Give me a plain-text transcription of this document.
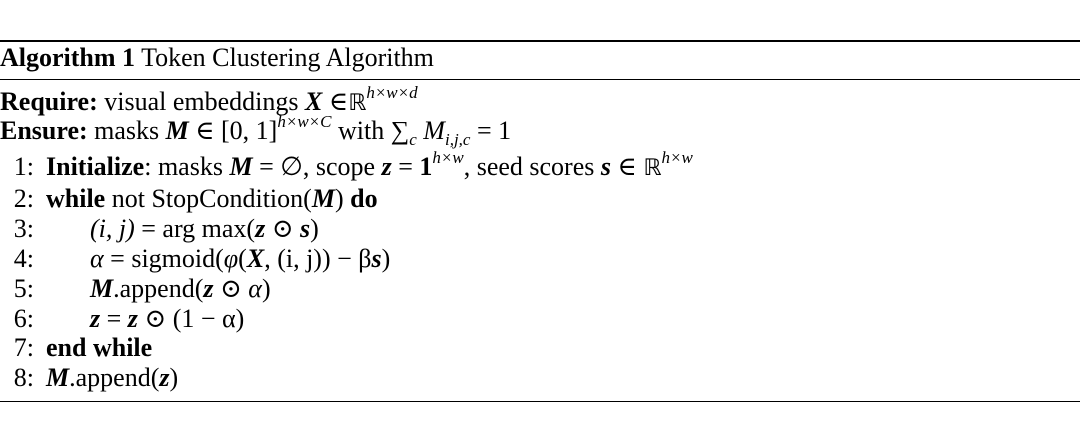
Algorithm 1 Token Clustering Algorithm
Require: visual embeddings X ∈ℝ$^{h\times w\times d}$
Ensure: masks M ∈ [0, 1]$^{h\times w\times C}$ with $\sum_c$ $M_{i,j,c} = 1$
1: Initialize: masks M = ∅, scope $z = 1^{h\times w}$, seed scores s ∈ ℝ$^{h\times w}$
2: while not StopCondition(M) do
3: (i, j) = arg max(z ⊙ s)
4: α = sigmoid(φ(X, (i, j)) − βs)
5: M.append(z ⊙ α)
6: z = z ⊙ (1 − α)
7: end while
8: M.append(z)
